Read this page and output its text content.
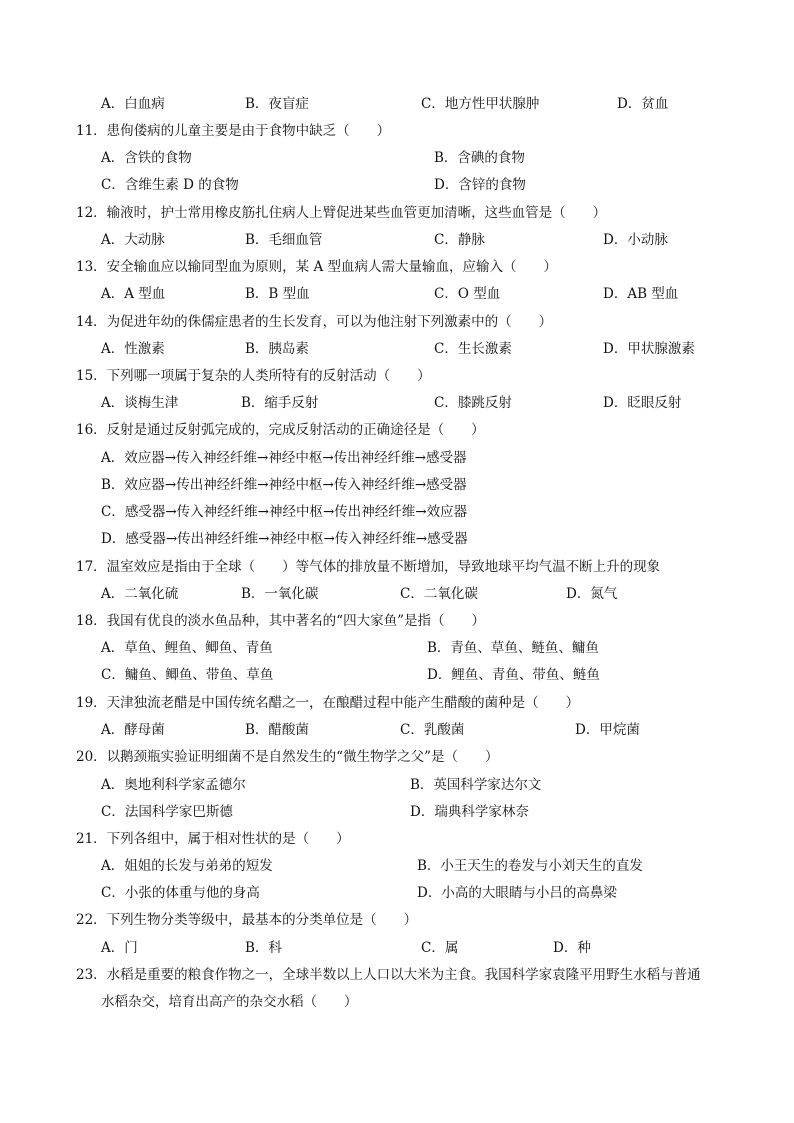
A．白血病	B．夜盲症	C．地方性甲状腺肿	D．贫血
11．患佝偻病的儿童主要是由于食物中缺乏（　　）
A．含铁的食物	B．含碘的食物
C．含维生素 D 的食物	D．含锌的食物
12．输液时，护士常用橡皮筋扎住病人上臂促进某些血管更加清晰，这些血管是（　　）
A．大动脉	B．毛细血管	C．静脉	D．小动脉
13．安全输血应以输同型血为原则，某 A 型血病人需大量输血，应输入（　　）
A．A 型血	B．B 型血	C．O 型血	D．AB 型血
14．为促进年幼的侏儒症患者的生长发育，可以为他注射下列激素中的（　　）
A．性激素	B．胰岛素	C．生长激素	D．甲状腺激素
15．下列哪一项属于复杂的人类所特有的反射活动（　　）
A．谈梅生津	B．缩手反射	C．膝跳反射	D．眨眼反射
16．反射是通过反射弧完成的，完成反射活动的正确途径是（　　）
A．效应器→传入神经纤维→神经中枢→传出神经纤维→感受器
B．效应器→传出神经纤维→神经中枢→传入神经纤维→感受器
C．感受器→传入神经纤维→神经中枢→传出神经纤维→效应器
D．感受器→传出神经纤维→神经中枢→传入神经纤维→感受器
17．温室效应是指由于全球（　　）等气体的排放量不断增加，导致地球平均气温不断上升的现象
A．二氧化硫	B．一氧化碳	C．二氧化碳	D．氮气
18．我国有优良的淡水鱼品种，其中著名的“四大家鱼”是指（　　）
A．草鱼、鲤鱼、鲫鱼、青鱼	B．青鱼、草鱼、鲢鱼、鳙鱼
C．鳙鱼、鲫鱼、带鱼、草鱼	D．鲤鱼、青鱼、带鱼、鲢鱼
19．天津独流老醋是中国传统名醋之一，在酿醋过程中能产生醋酸的菌种是（　　）
A．酵母菌	B．醋酸菌	C．乳酸菌	D．甲烷菌
20．以鹅颈瓶实验证明细菌不是自然发生的“微生物学之父”是（　　）
A．奥地利科学家孟德尔	B．英国科学家达尔文
C．法国科学家巴斯德	D．瑞典科学家林奈
21．下列各组中，属于相对性状的是（　　）
A．姐姐的长发与弟弟的短发	B．小王天生的卷发与小刘天生的直发
C．小张的体重与他的身高	D．小高的大眼睛与小吕的高鼻梁
22．下列生物分类等级中，最基本的分类单位是（　　）
A．门	B．科	C．属	D．种
23．水稻是重要的粮食作物之一，全球半数以上人口以大米为主食。我国科学家袁隆平用野生水稻与普通
水稻杂交，培育出高产的杂交水稻（　　）
